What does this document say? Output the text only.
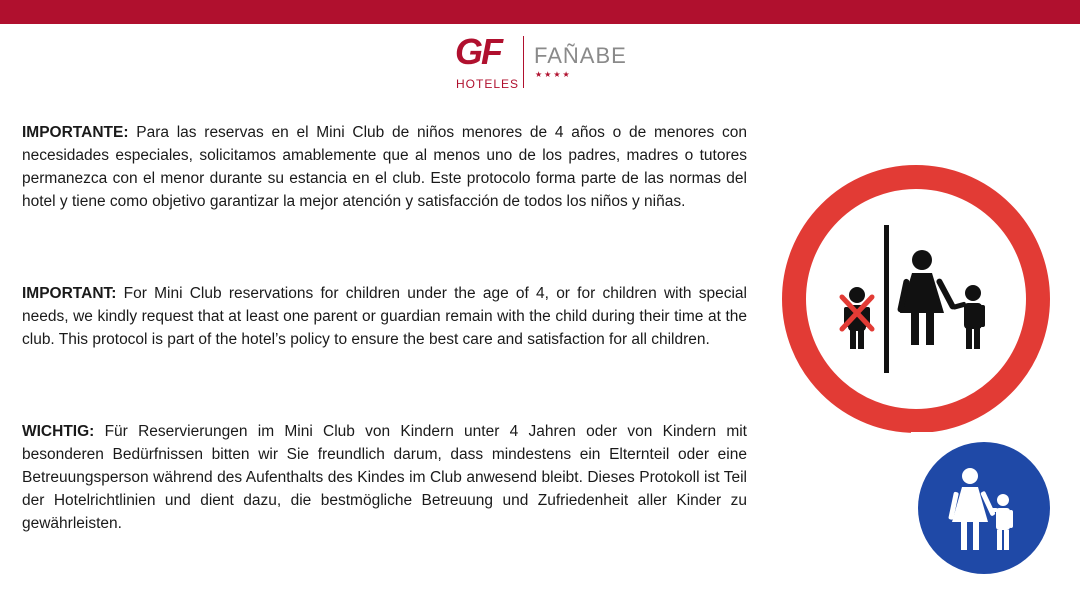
GF
HOTELES
FAÑABE
★★★★
IMPORTANTE: Para las reservas en el Mini Club de niños menores de 4 años o de menores con necesidades especiales, solicitamos amablemente que al menos uno de los padres, madres o tutores permanezca con el menor durante su estancia en el club. Este protocolo forma parte de las normas del hotel y tiene como objetivo garantizar la mejor atención y satisfacción de todos los niños y niñas.
IMPORTANT: For Mini Club reservations for children under the age of 4, or for children with special needs, we kindly request that at least one parent or guardian remain with the child during their time at the club. This protocol is part of the hotel’s policy to ensure the best care and satisfaction for all children.
WICHTIG: Für Reservierungen im Mini Club von Kindern unter 4 Jahren oder von Kindern mit besonderen Bedürfnissen bitten wir Sie freundlich darum, dass mindestens ein Elternteil oder eine Betreuungsperson während des Aufenthalts des Kindes im Club anwesend bleibt. Dieses Protokoll ist Teil der Hotelrichtlinien und dient dazu, die bestmögliche Betreuung und Zufriedenheit aller Kinder zu gewährleisten.
